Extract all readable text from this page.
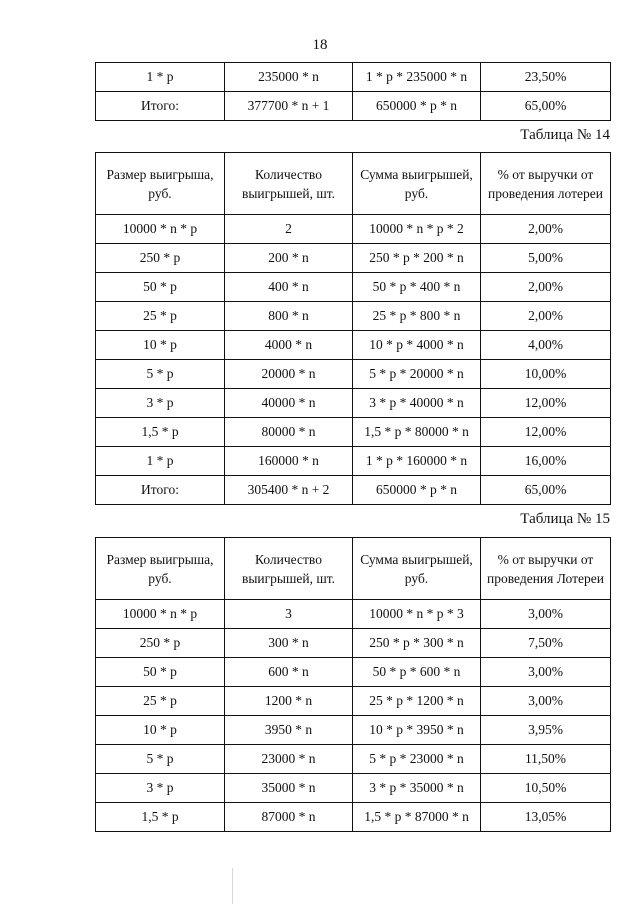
18
1 * p	235000 * n	1 * p * 235000 * n	23,50%
Итого:	377700 * n + 1	650000 * p * n	65,00%
Таблица № 14
Размер выигрыша, руб.	Количество выигрышей, шт.	Сумма выигрышей, руб.	% от выручки от проведения лотереи
10000 * n * p	2	10000 * n * p * 2	2,00%
250 * p	200 * n	250 * p * 200 * n	5,00%
50 * p	400 * n	50 * p * 400 * n	2,00%
25 * p	800 * n	25 * p * 800 * n	2,00%
10 * p	4000 * n	10 * p * 4000 * n	4,00%
5 * p	20000 * n	5 * p * 20000 * n	10,00%
3 * p	40000 * n	3 * p * 40000 * n	12,00%
1,5 * p	80000 * n	1,5 * p * 80000 * n	12,00%
1 * p	160000 * n	1 * p * 160000 * n	16,00%
Итого:	305400 * n + 2	650000 * p * n	65,00%
Таблица № 15
Размер выигрыша, руб.	Количество выигрышей, шт.	Сумма выигрышей, руб.	% от выручки от проведения Лотереи
10000 * n * p	3	10000 * n * p * 3	3,00%
250 * p	300 * n	250 * p * 300 * n	7,50%
50 * p	600 * n	50 * p * 600 * n	3,00%
25 * p	1200 * n	25 * p * 1200 * n	3,00%
10 * p	3950 * n	10 * p * 3950 * n	3,95%
5 * p	23000 * n	5 * p * 23000 * n	11,50%
3 * p	35000 * n	3 * p * 35000 * n	10,50%
1,5 * p	87000 * n	1,5 * p * 87000 * n	13,05%
